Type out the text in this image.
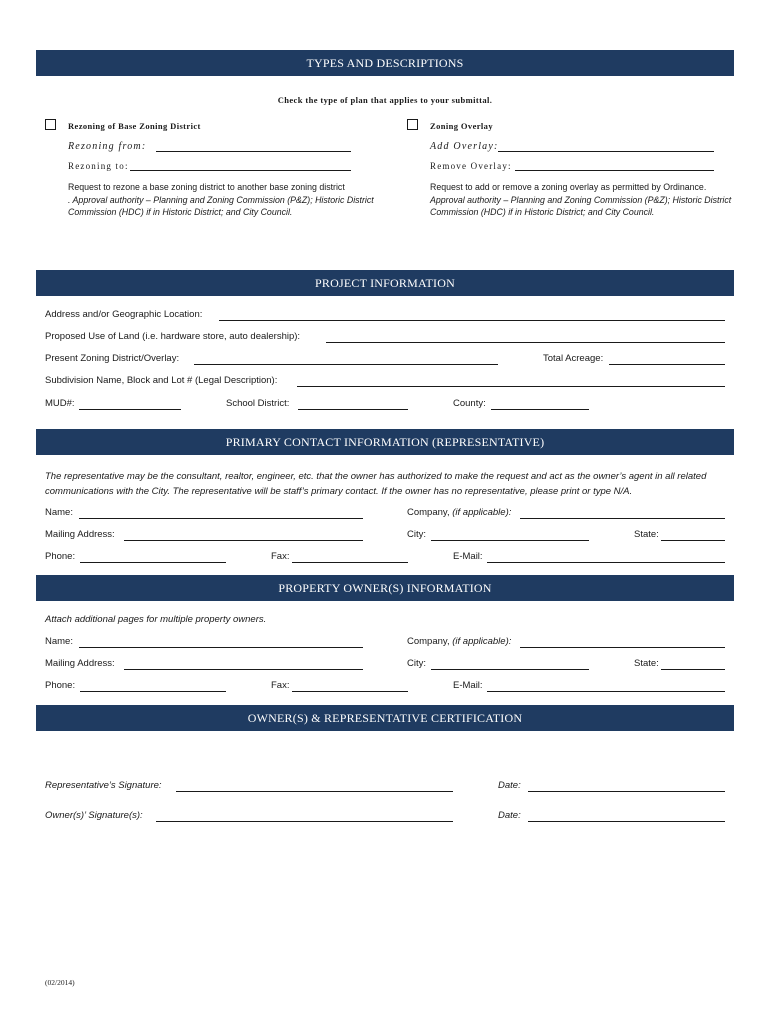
TYPES AND DESCRIPTIONS
Check the type of plan that applies to your submittal.
Rezoning of Base Zoning District
Rezoning from:
Rezoning to:
Request to rezone a base zoning district to another base zoning district
. Approval authority – Planning and Zoning Commission (P&Z); Historic District Commission (HDC) if in Historic District; and City Council.
Zoning Overlay
Add Overlay:
Remove Overlay:
Request to add or remove a zoning overlay as permitted by Ordinance.
Approval authority – Planning and Zoning Commission (P&Z); Historic District Commission (HDC) if in Historic District; and City Council.
PROJECT INFORMATION
Address and/or Geographic Location:
Proposed Use of Land (i.e. hardware store, auto dealership):
Present Zoning District/Overlay:	Total Acreage:
Subdivision Name, Block and Lot # (Legal Description):
MUD#:	School District:	County:
PRIMARY CONTACT INFORMATION (REPRESENTATIVE)
The representative may be the consultant, realtor, engineer, etc. that the owner has authorized to make the request and act as the owner’s agent in all related communications with the City. The representative will be staff’s primary contact. If the owner has no representative, please print or type N/A.
Name:	Company, (if applicable):
Mailing Address:	City:	State:
Phone:	Fax:	E-Mail:
PROPERTY OWNER(S) INFORMATION
Attach additional pages for multiple property owners.
Name:	Company, (if applicable):
Mailing Address:	City:	State:
Phone:	Fax:	E-Mail:
OWNER(S) & REPRESENTATIVE CERTIFICATION
Representative’s Signature:	Date:
Owner(s)’ Signature(s):	Date:
(02/2014)
